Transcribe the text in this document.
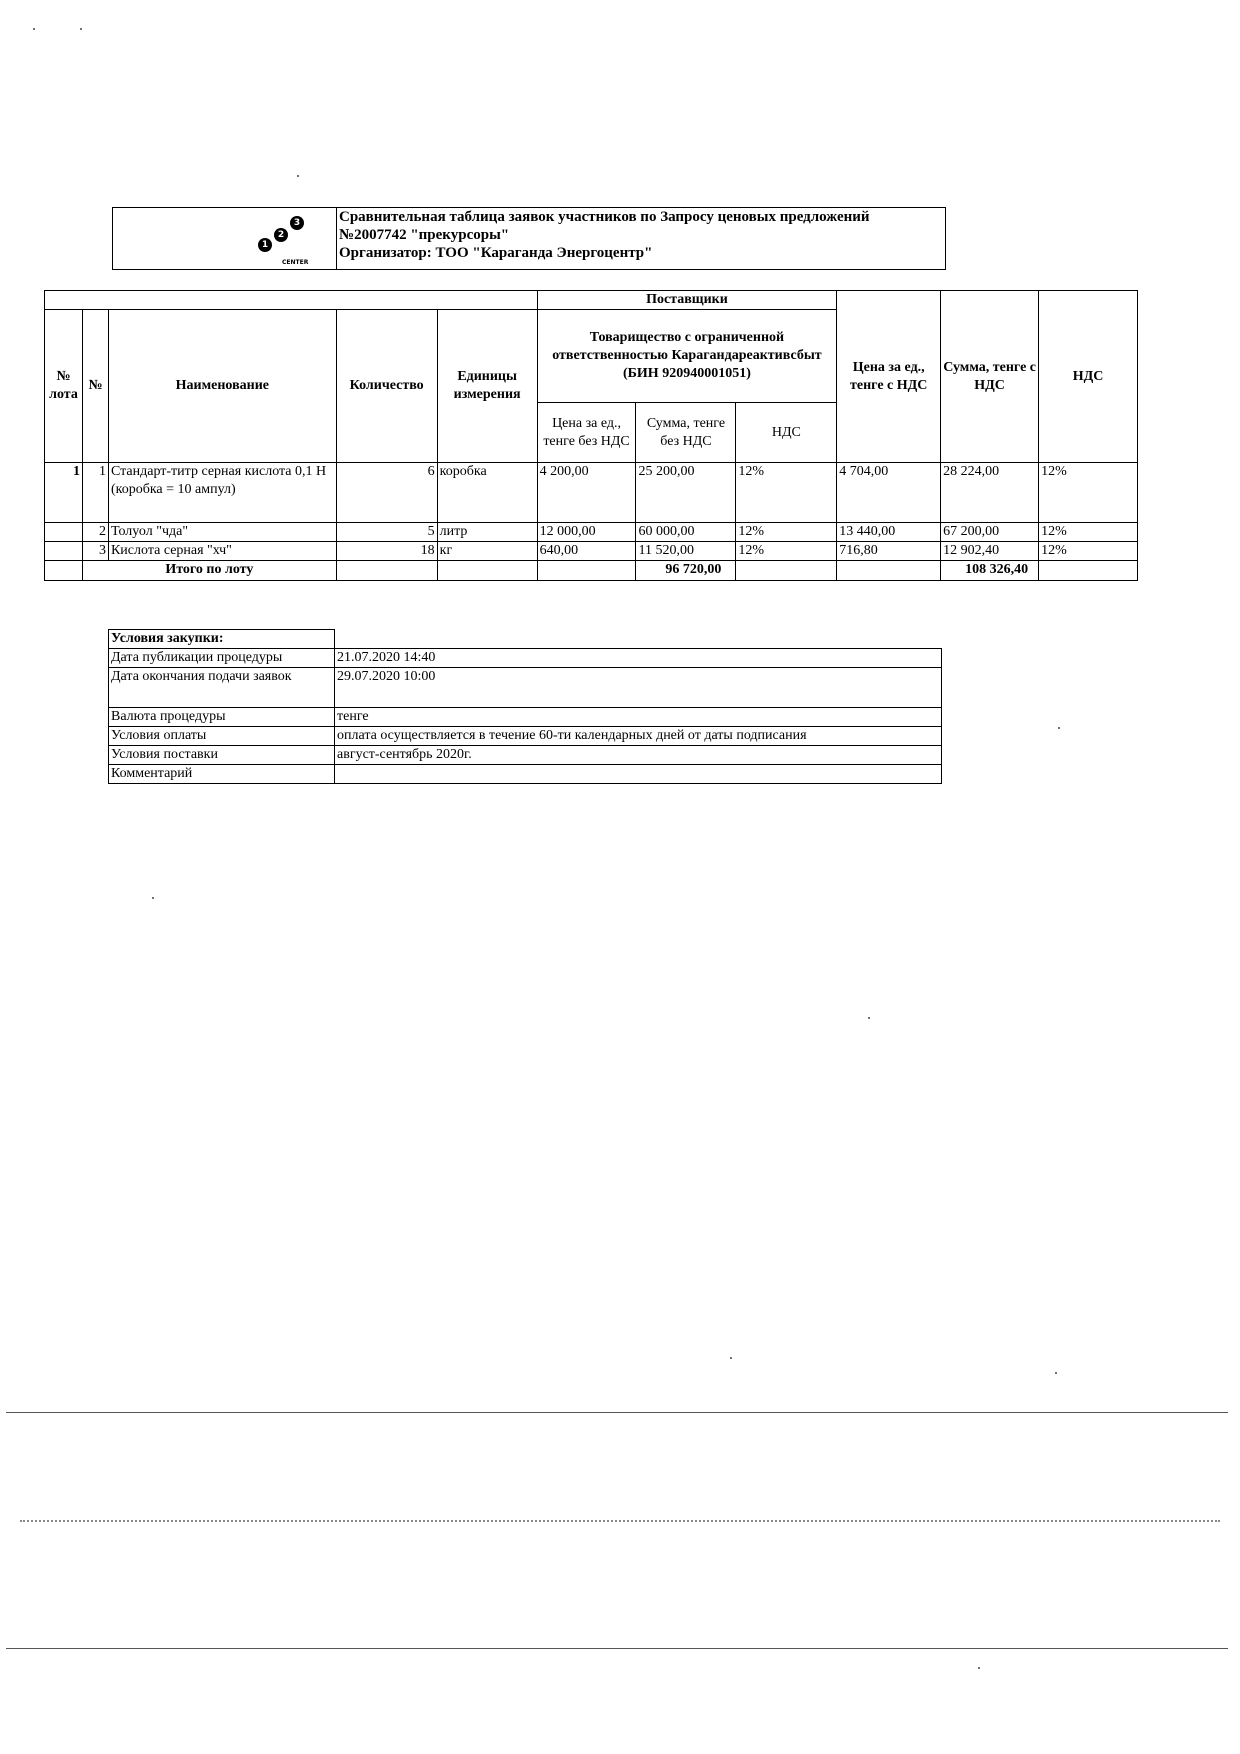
1
2
3
CENTER

Сравнительная таблица заявок участников по Запросу ценовых предложений
№2007742 "прекурсоры"
Организатор: ТОО "Караганда Энергоцентр"
					Поставщики			Цена за ед., тенге с НДС	Сумма, тенге с НДС	НДС
№ лота	№	Наименование	Количество	Единицы измерения	Товарищество с ограниченной ответственностью Карагандареактивсбыт (БИН 920940001051)					
					Цена за ед., тенге без НДС	Сумма, тенге без НДС	НДС			
1	1	Стандарт-титр серная кислота 0,1 Н (коробка = 10 ампул)	6	коробка	4 200,00	25 200,00	12%	4 704,00	28 224,00	12%
	2	Толуол "чда"	5	литр	12 000,00	60 000,00	12%	13 440,00	67 200,00	12%
	3	Кислота серная "хч"	18	кг	640,00	11 520,00	12%	716,80	12 902,40	12%
	Итого по лоту					96 720,00			108 326,40	
Условия закупки:	
Дата публикации процедуры	21.07.2020 14:40
Дата окончания подачи заявок	29.07.2020 10:00
Валюта процедуры	тенге
Условия оплаты	оплата осуществляется в течение 60-ти календарных дней от даты подписания
Условия поставки	август-сентябрь 2020г.
Комментарий	
